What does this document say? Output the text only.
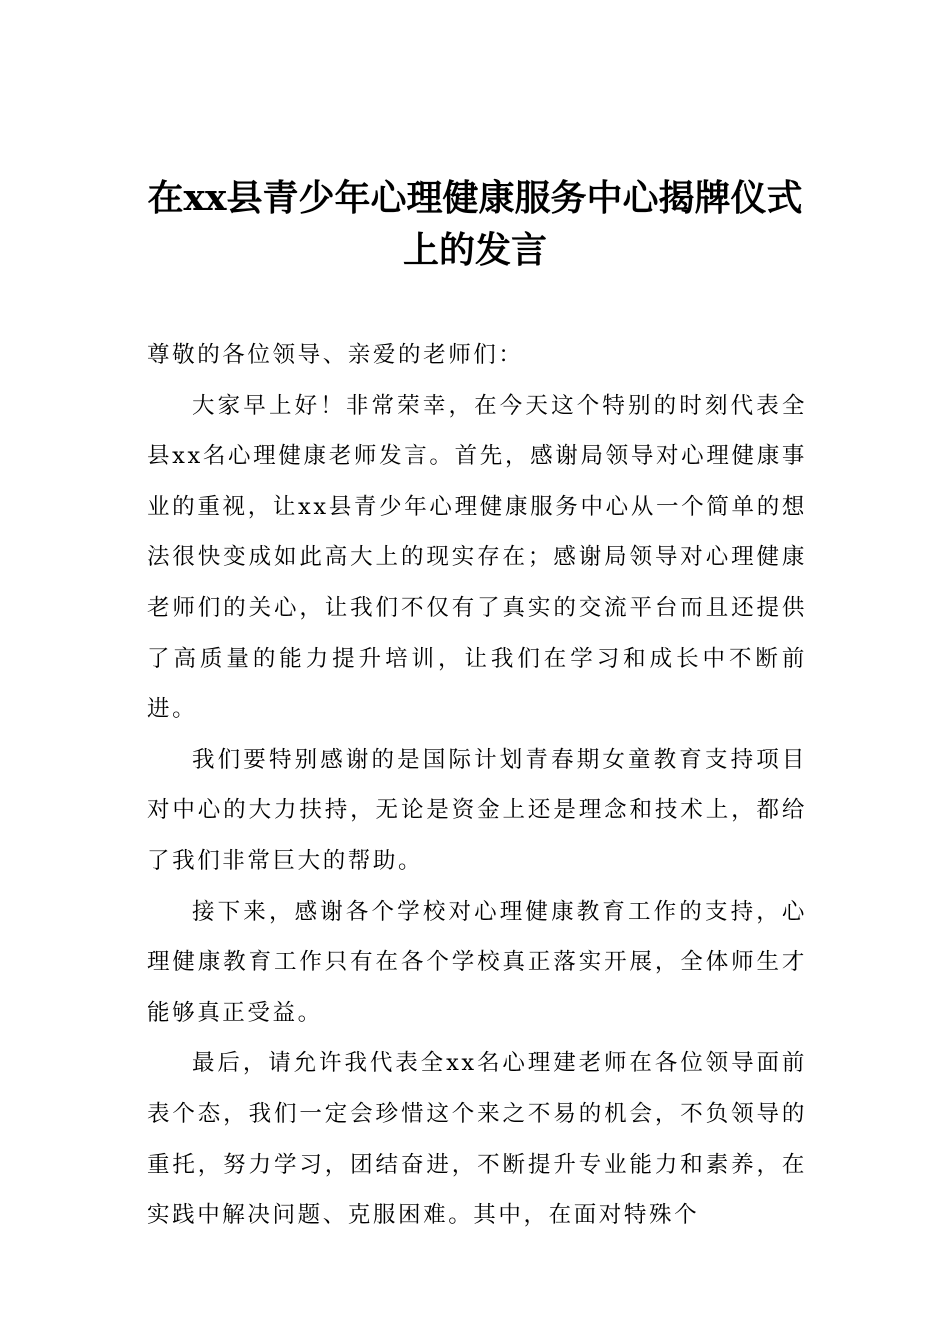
在xx县青少年心理健康服务中心揭牌仪式上的发言

尊敬的各位领导、亲爱的老师们：

大家早上好！非常荣幸，在今天这个特别的时刻代表全县xx名心理健康老师发言。首先，感谢局领导对心理健康事业的重视，让xx县青少年心理健康服务中心从一个简单的想法很快变成如此高大上的现实存在；感谢局领导对心理健康老师们的关心，让我们不仅有了真实的交流平台而且还提供了高质量的能力提升培训，让我们在学习和成长中不断前进。

我们要特别感谢的是国际计划青春期女童教育支持项目对中心的大力扶持，无论是资金上还是理念和技术上，都给了我们非常巨大的帮助。

接下来，感谢各个学校对心理健康教育工作的支持，心理健康教育工作只有在各个学校真正落实开展，全体师生才能够真正受益。

最后，请允许我代表全xx名心理建老师在各位领导面前表个态，我们一定会珍惜这个来之不易的机会，不负领导的重托，努力学习，团结奋进，不断提升专业能力和素养，在实践中解决问题、克服困难。其中，在面对特殊个
